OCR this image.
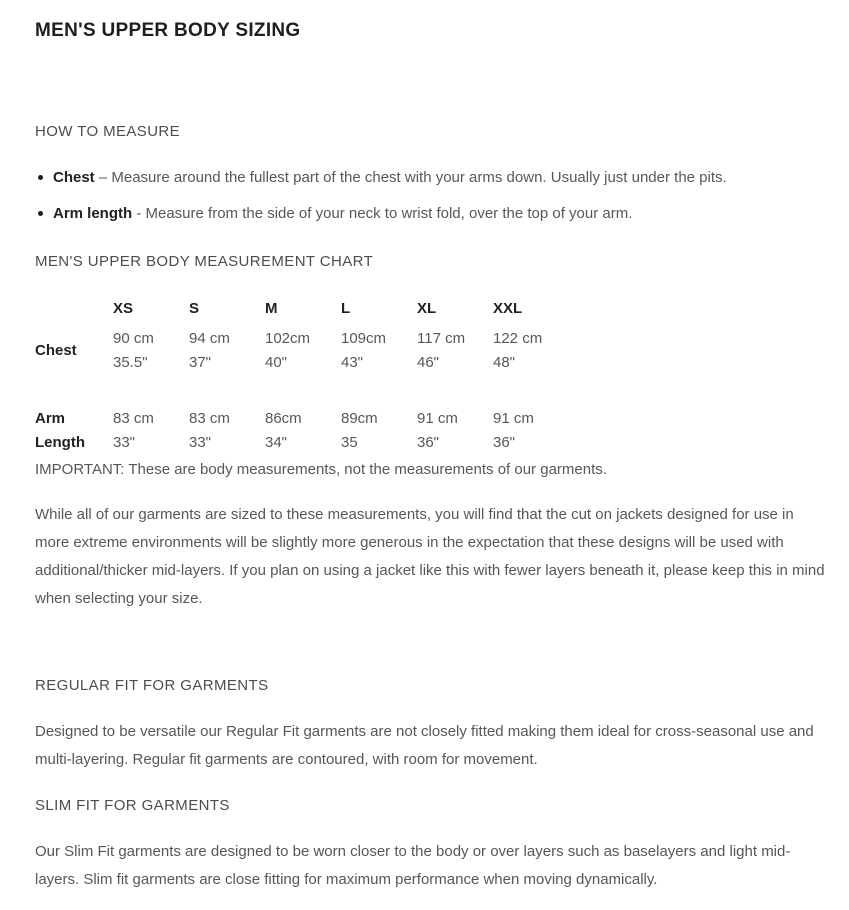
MEN'S UPPER BODY SIZING
HOW TO MEASURE
Chest – Measure around the fullest part of the chest with your arms down. Usually just under the pits.
Arm length - Measure from the side of your neck to wrist fold, over the top of your arm.
MEN'S UPPER BODY MEASUREMENT CHART
XS	S	M	L	XL	XXL
Chest
90 cm	94 cm	102cm	109cm	117 cm	122 cm
35.5"	37"	40"	43"	46"	48"
Arm Length
83 cm	83 cm	86cm	89cm	91 cm	91 cm
33"	33"	34"	35	36"	36"

IMPORTANT: These are body measurements, not the measurements of our garments.

While all of our garments are sized to these measurements, you will find that the cut on jackets designed for use in more extreme environments will be slightly more generous in the expectation that these designs will be used with additional/thicker mid-layers. If you plan on using a jacket like this with fewer layers beneath it, please keep this in mind when selecting your size.

REGULAR FIT FOR GARMENTS

Designed to be versatile our Regular Fit garments are not closely fitted making them ideal for cross-seasonal use and multi-layering. Regular fit garments are contoured, with room for movement.

SLIM FIT FOR GARMENTS

Our Slim Fit garments are designed to be worn closer to the body or over layers such as baselayers and light mid-layers. Slim fit garments are close fitting for maximum performance when moving dynamically.
